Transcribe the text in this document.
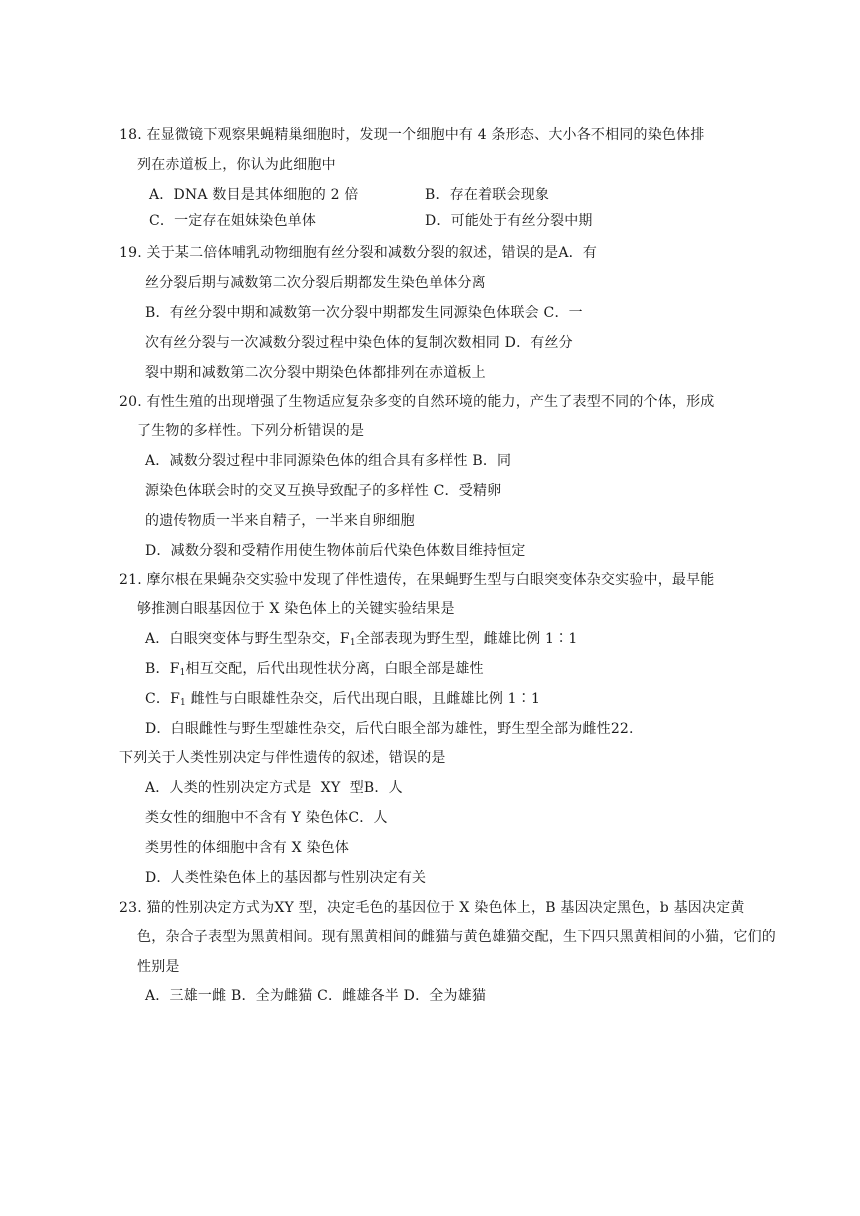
18. 在显微镜下观察果蝇精巢细胞时，发现一个细胞中有 4 条形态、大小各不相同的染色体排
列在赤道板上，你认为此细胞中
A．DNA 数目是其体细胞的 2 倍	B．存在着联会现象
C．一定存在姐妹染色单体	D．可能处于有丝分裂中期
19. 关于某二倍体哺乳动物细胞有丝分裂和减数分裂的叙述，错误的是A．有
丝分裂后期与减数第二次分裂后期都发生染色单体分离
B．有丝分裂中期和减数第一次分裂中期都发生同源染色体联会 C．一
次有丝分裂与一次减数分裂过程中染色体的复制次数相同 D．有丝分
裂中期和减数第二次分裂中期染色体都排列在赤道板上
20. 有性生殖的出现增强了生物适应复杂多变的自然环境的能力，产生了表型不同的个体，形成
了生物的多样性。下列分析错误的是
A．减数分裂过程中非同源染色体的组合具有多样性 B．同
源染色体联会时的交叉互换导致配子的多样性 C．受精卵
的遗传物质一半来自精子，一半来自卵细胞
D．减数分裂和受精作用使生物体前后代染色体数目维持恒定
21. 摩尔根在果蝇杂交实验中发现了伴性遗传，在果蝇野生型与白眼突变体杂交实验中，最早能
够推测白眼基因位于 X 染色体上的关键实验结果是
A．白眼突变体与野生型杂交，$F_1$全部表现为野生型，雌雄比例 1∶1
B．$F_1$相互交配，后代出现性状分离，白眼全部是雄性
C．$F_1$ 雌性与白眼雄性杂交，后代出现白眼，且雌雄比例 1∶1
D．白眼雌性与野生型雄性杂交，后代白眼全部为雄性，野生型全部为雌性22.
下列关于人类性别决定与伴性遗传的叙述，错误的是
A．人类的性别决定方式是  XY  型B．人
类女性的细胞中不含有 Y 染色体C．人
类男性的体细胞中含有 X 染色体
D．人类性染色体上的基因都与性别决定有关
23. 猫的性别决定方式为XY 型，决定毛色的基因位于 X 染色体上，B 基因决定黑色，b 基因决定黄
色，杂合子表型为黑黄相间。现有黑黄相间的雌猫与黄色雄猫交配，生下四只黑黄相间的小猫，它们的
性别是
A．三雄一雌 B．全为雌猫 C．雌雄各半 D．全为雄猫
